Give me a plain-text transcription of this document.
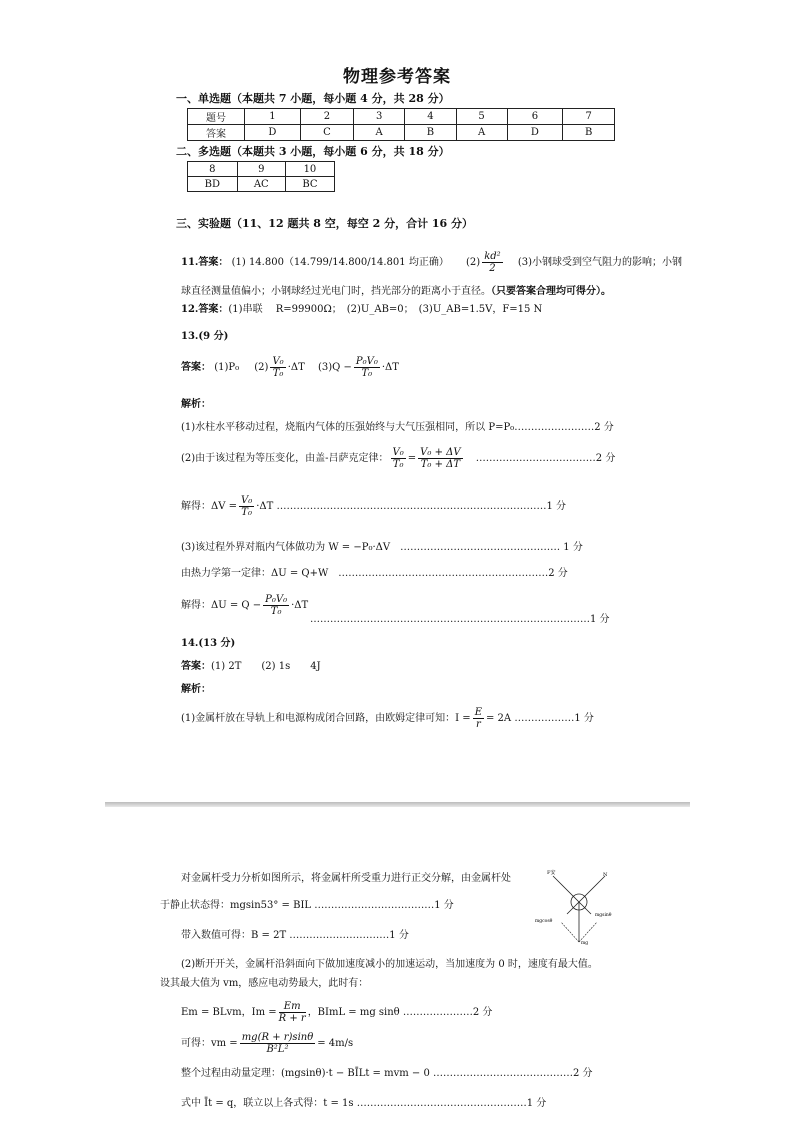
物理参考答案
一、单选题（本题共 7 小题，每小题 4 分，共 28 分）
题号	1	2	3	4	5	6	7
答案	D	C	A	B	A	D	B
二、多选题（本题共 3 小题，每小题 6 分，共 18 分）
8	9	10
BD	AC	BC
三、实验题（11、12 题共 8 空，每空 2 分，合计 16 分）
11.答案： (1) 14.800（14.799/14.800/14.801 均正确） $(2) \frac{\text{kd²}}{2} (3)$小钢球受到空气阻力的影响；小钢
球直径测量值偏小；小钢球经过光电门时，挡光部分的距离小于直径。（只要答案合理均可得分）。
12.答案：(1)串联　 R=99900Ω；　(2)U_AB=0；　(3)U_AB=1.5V，F=15 N
13.(9 分)
答案： (1)P₀ $(2) \frac{\text{V₀}}{\text{T₀}} \cdot\Delta T$ $(3)Q - \frac{\text{P₀V₀}}{\text{T₀}} \cdot\Delta T$
解析：
(1)水柱水平移动过程，烧瓶内气体的压强始终与大气压强相同，所以 P=P₀……………………2 分
(2)由于该过程为等压变化，由盖-吕萨克定律： $\frac{\text{V₀}}{\text{T₀}} = \frac{\text{V₀ + ΔV}}{\text{T₀ + ΔT}}$ ………………………………2 分
解得：$\Delta V = \frac{\text{V₀}}{\text{T₀}} \cdot\Delta T$ ………………………………………………………………………1 分
(3)该过程外界对瓶内气体做功为 W = −P₀·ΔV　………………………………………… 1 分
由热力学第一定律：ΔU = Q+W　………………………………………………………2 分
解得：$\Delta U = Q - \frac{\text{P₀V₀}}{\text{T₀}} \cdot\Delta T$
…………………………………………………………………………1 分
14.(13 分)
答案：(1) 2T　　(2) 1s　　4J
解析：
(1)金属杆放在导轨上和电源构成闭合回路，由欧姆定律可知：$I = \frac{E}{r} = 2A$ ………………1 分
对金属杆受力分析如图所示，将金属杆所受重力进行正交分解，由金属杆处
于静止状态得：mgsin53° = BIL ………………………………1 分
带入数值可得：B = 2T …………………………1 分
(2)断开开关，金属杆沿斜面向下做加速度减小的加速运动，当加速度为 0 时，速度有最大值。
设其最大值为 vm，感应电动势最大，此时有：
Em = BLvm，$Im = \frac{Em}{R + r}$ ，BImL = mg sinθ …………………2 分
可得：vm = $\frac{mg(R + r)\sin\theta}{\text{B²L²}} = 4m/s$
整个过程由动量定理：(mgsinθ)·t − BĪLt = mvm − 0 ……………………………………2 分
式中 Īt = q，联立以上各式得：t = 1s ……………………………………………1 分
F安	N
mgcosθ
mgsinθ
mg
